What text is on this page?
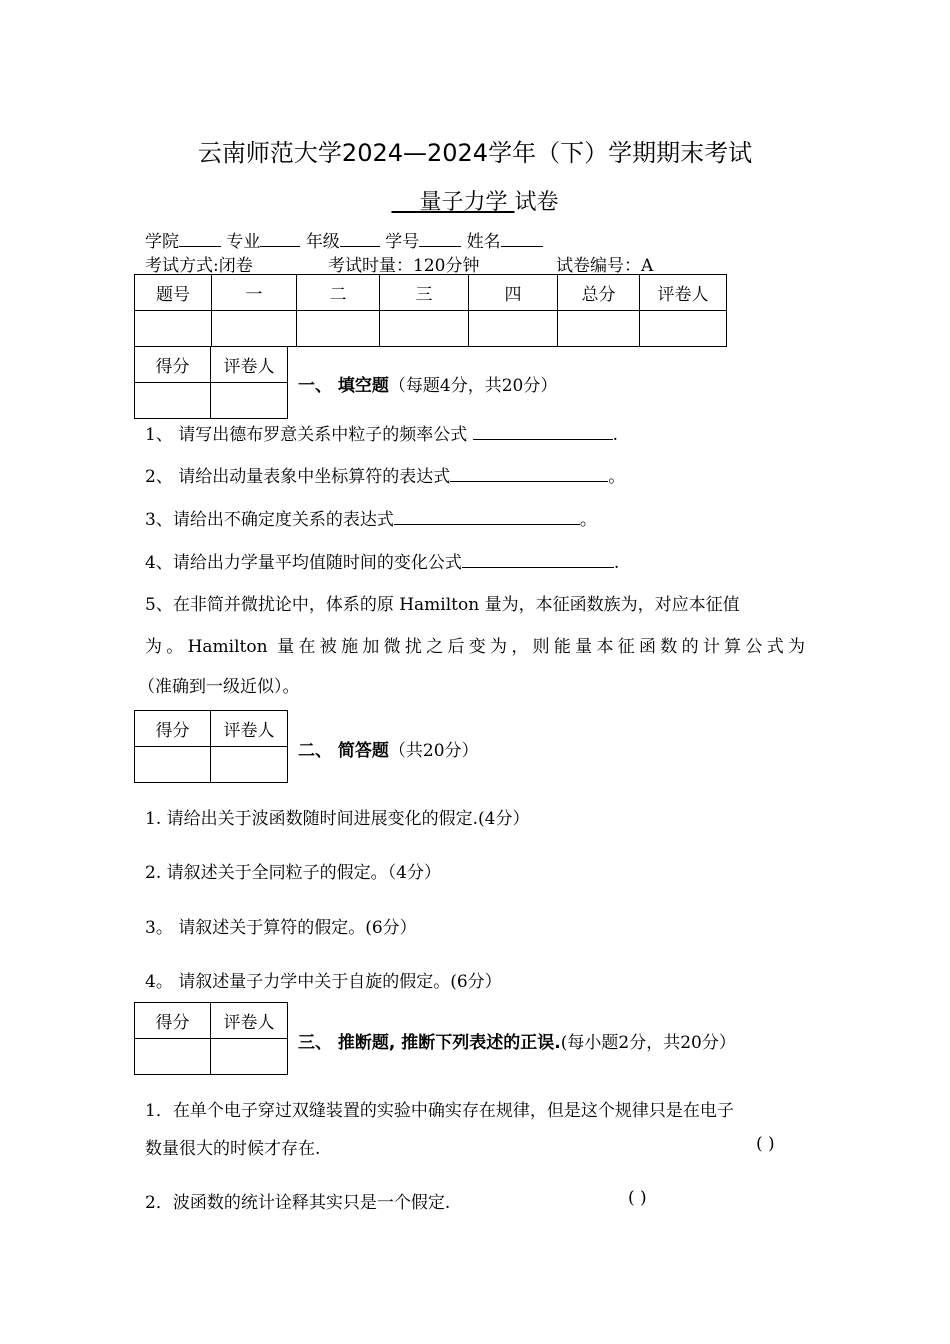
云南师范大学2024—2024学年（下）学期期末考试
量子力学 试卷
学院	专业	年级	学号	姓名
考试方式:闭卷	考试时量：120分钟	试卷编号：A
题号	一	二	三	四	总分	评卷人

得分	评卷人

一、 填空题（每题4分，共20分）
1、 请写出德布罗意关系中粒子的频率公式	.
2、 请给出动量表象中坐标算符的表达式	。
3、请给出不确定度关系的表达式	。
4、请给出力学量平均值随时间的变化公式	.
5、在非简并微扰论中，体系的原 Hamilton 量为，本征函数族为，对应本征值
为。Hamilton 量在被施加微扰之后变为，则能量本征函数的计算公式为
（准确到一级近似）。
得分	评卷人

二、 简答题（共20分）
1. 请给出关于波函数随时间进展变化的假定.(4分）
2. 请叙述关于全同粒子的假定。（4分）
3。 请叙述关于算符的假定。(6分）
4。 请叙述量子力学中关于自旋的假定。(6分）
得分	评卷人

三、 推断题, 推断下列表述的正误.(每小题2分，共20分）
1．在单个电子穿过双缝装置的实验中确实存在规律，但是这个规律只是在电子
数量很大的时候才存在.	( )
2．波函数的统计诠释其实只是一个假定.	( )
